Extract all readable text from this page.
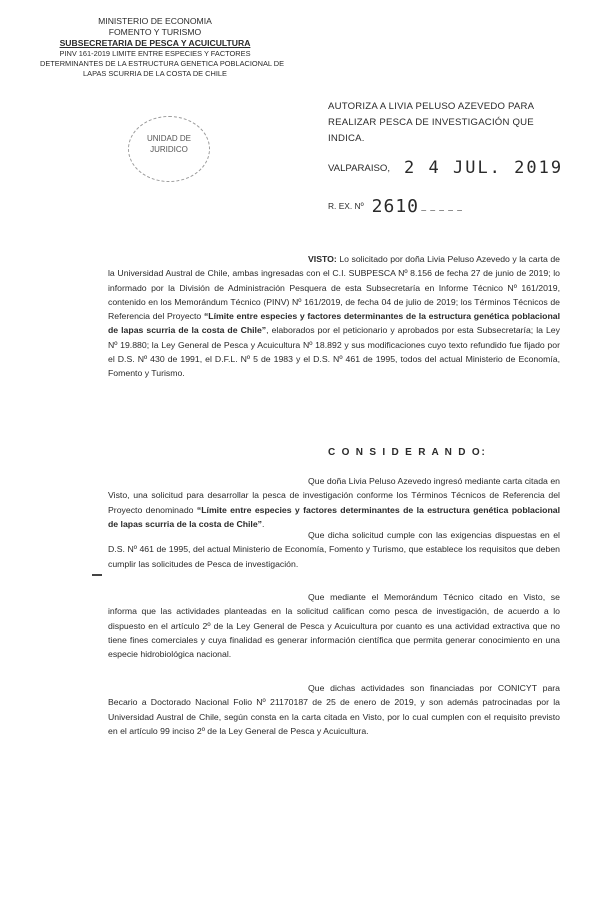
MINISTERIO DE ECONOMIA
FOMENTO Y TURISMO
SUBSECRETARIA DE PESCA Y ACUICULTURA
PINV 161-2019 LIMITE ENTRE ESPECIES Y FACTORES
DETERMINANTES DE LA ESTRUCTURA GENETICA POBLACIONAL DE
LAPAS SCURRIA DE LA COSTA DE CHILE
UNIDAD DE
JURIDICO
AUTORIZA A LIVIA PELUSO AZEVEDO PARA REALIZAR PESCA DE INVESTIGACIÓN QUE INDICA.
VALPARAISO, 2 4 JUL. 2019
R. EX. Nº 2610 _ _ _ _ _
VISTO: Lo solicitado por doña Livia Peluso Azevedo y la carta de la Universidad Austral de Chile, ambas ingresadas con el C.I. SUBPESCA Nº 8.156 de fecha 27 de junio de 2019; lo informado por la División de Administración Pesquera de esta Subsecretaría en Informe Técnico Nº 161/2019, contenido en los Memorándum Técnico (PINV) Nº 161/2019, de fecha 04 de julio de 2019; los Términos Técnicos de Referencia del Proyecto “Límite entre especies y factores determinantes de la estructura genética poblacional de lapas scurria de la costa de Chile”, elaborados por el peticionario y aprobados por esta Subsecretaría; la Ley Nº 19.880; la Ley General de Pesca y Acuicultura Nº 18.892 y sus modificaciones cuyo texto refundido fue fijado por el D.S. Nº 430 de 1991, el D.F.L. Nº 5 de 1983 y el D.S. Nº 461 de 1995, todos del actual Ministerio de Economía, Fomento y Turismo.
C O N S I D E R A N D O:
Que doña Livia Peluso Azevedo ingresó mediante carta citada en Visto, una solicitud para desarrollar la pesca de investigación conforme los Términos Técnicos de Referencia del Proyecto denominado “Límite entre especies y factores determinantes de la estructura genética poblacional de lapas scurria de la costa de Chile”.
Que dicha solicitud cumple con las exigencias dispuestas en el D.S. Nº 461 de 1995, del actual Ministerio de Economía, Fomento y Turismo, que establece los requisitos que deben cumplir las solicitudes de Pesca de investigación.
Que mediante el Memorándum Técnico citado en Visto, se informa que las actividades planteadas en la solicitud califican como pesca de investigación, de acuerdo a lo dispuesto en el artículo 2º de la Ley General de Pesca y Acuicultura por cuanto es una actividad extractiva que no tiene fines comerciales y cuya finalidad es generar información científica que permita generar conocimiento en una especie hidrobiológica nacional.
Que dichas actividades son financiadas por CONICYT para Becario a Doctorado Nacional Folio Nº 21170187 de 25 de enero de 2019, y son además patrocinadas por la Universidad Austral de Chile, según consta en la carta citada en Visto, por lo cual cumplen con el requisito previsto en el artículo 99 inciso 2º de la Ley General de Pesca y Acuicultura.
